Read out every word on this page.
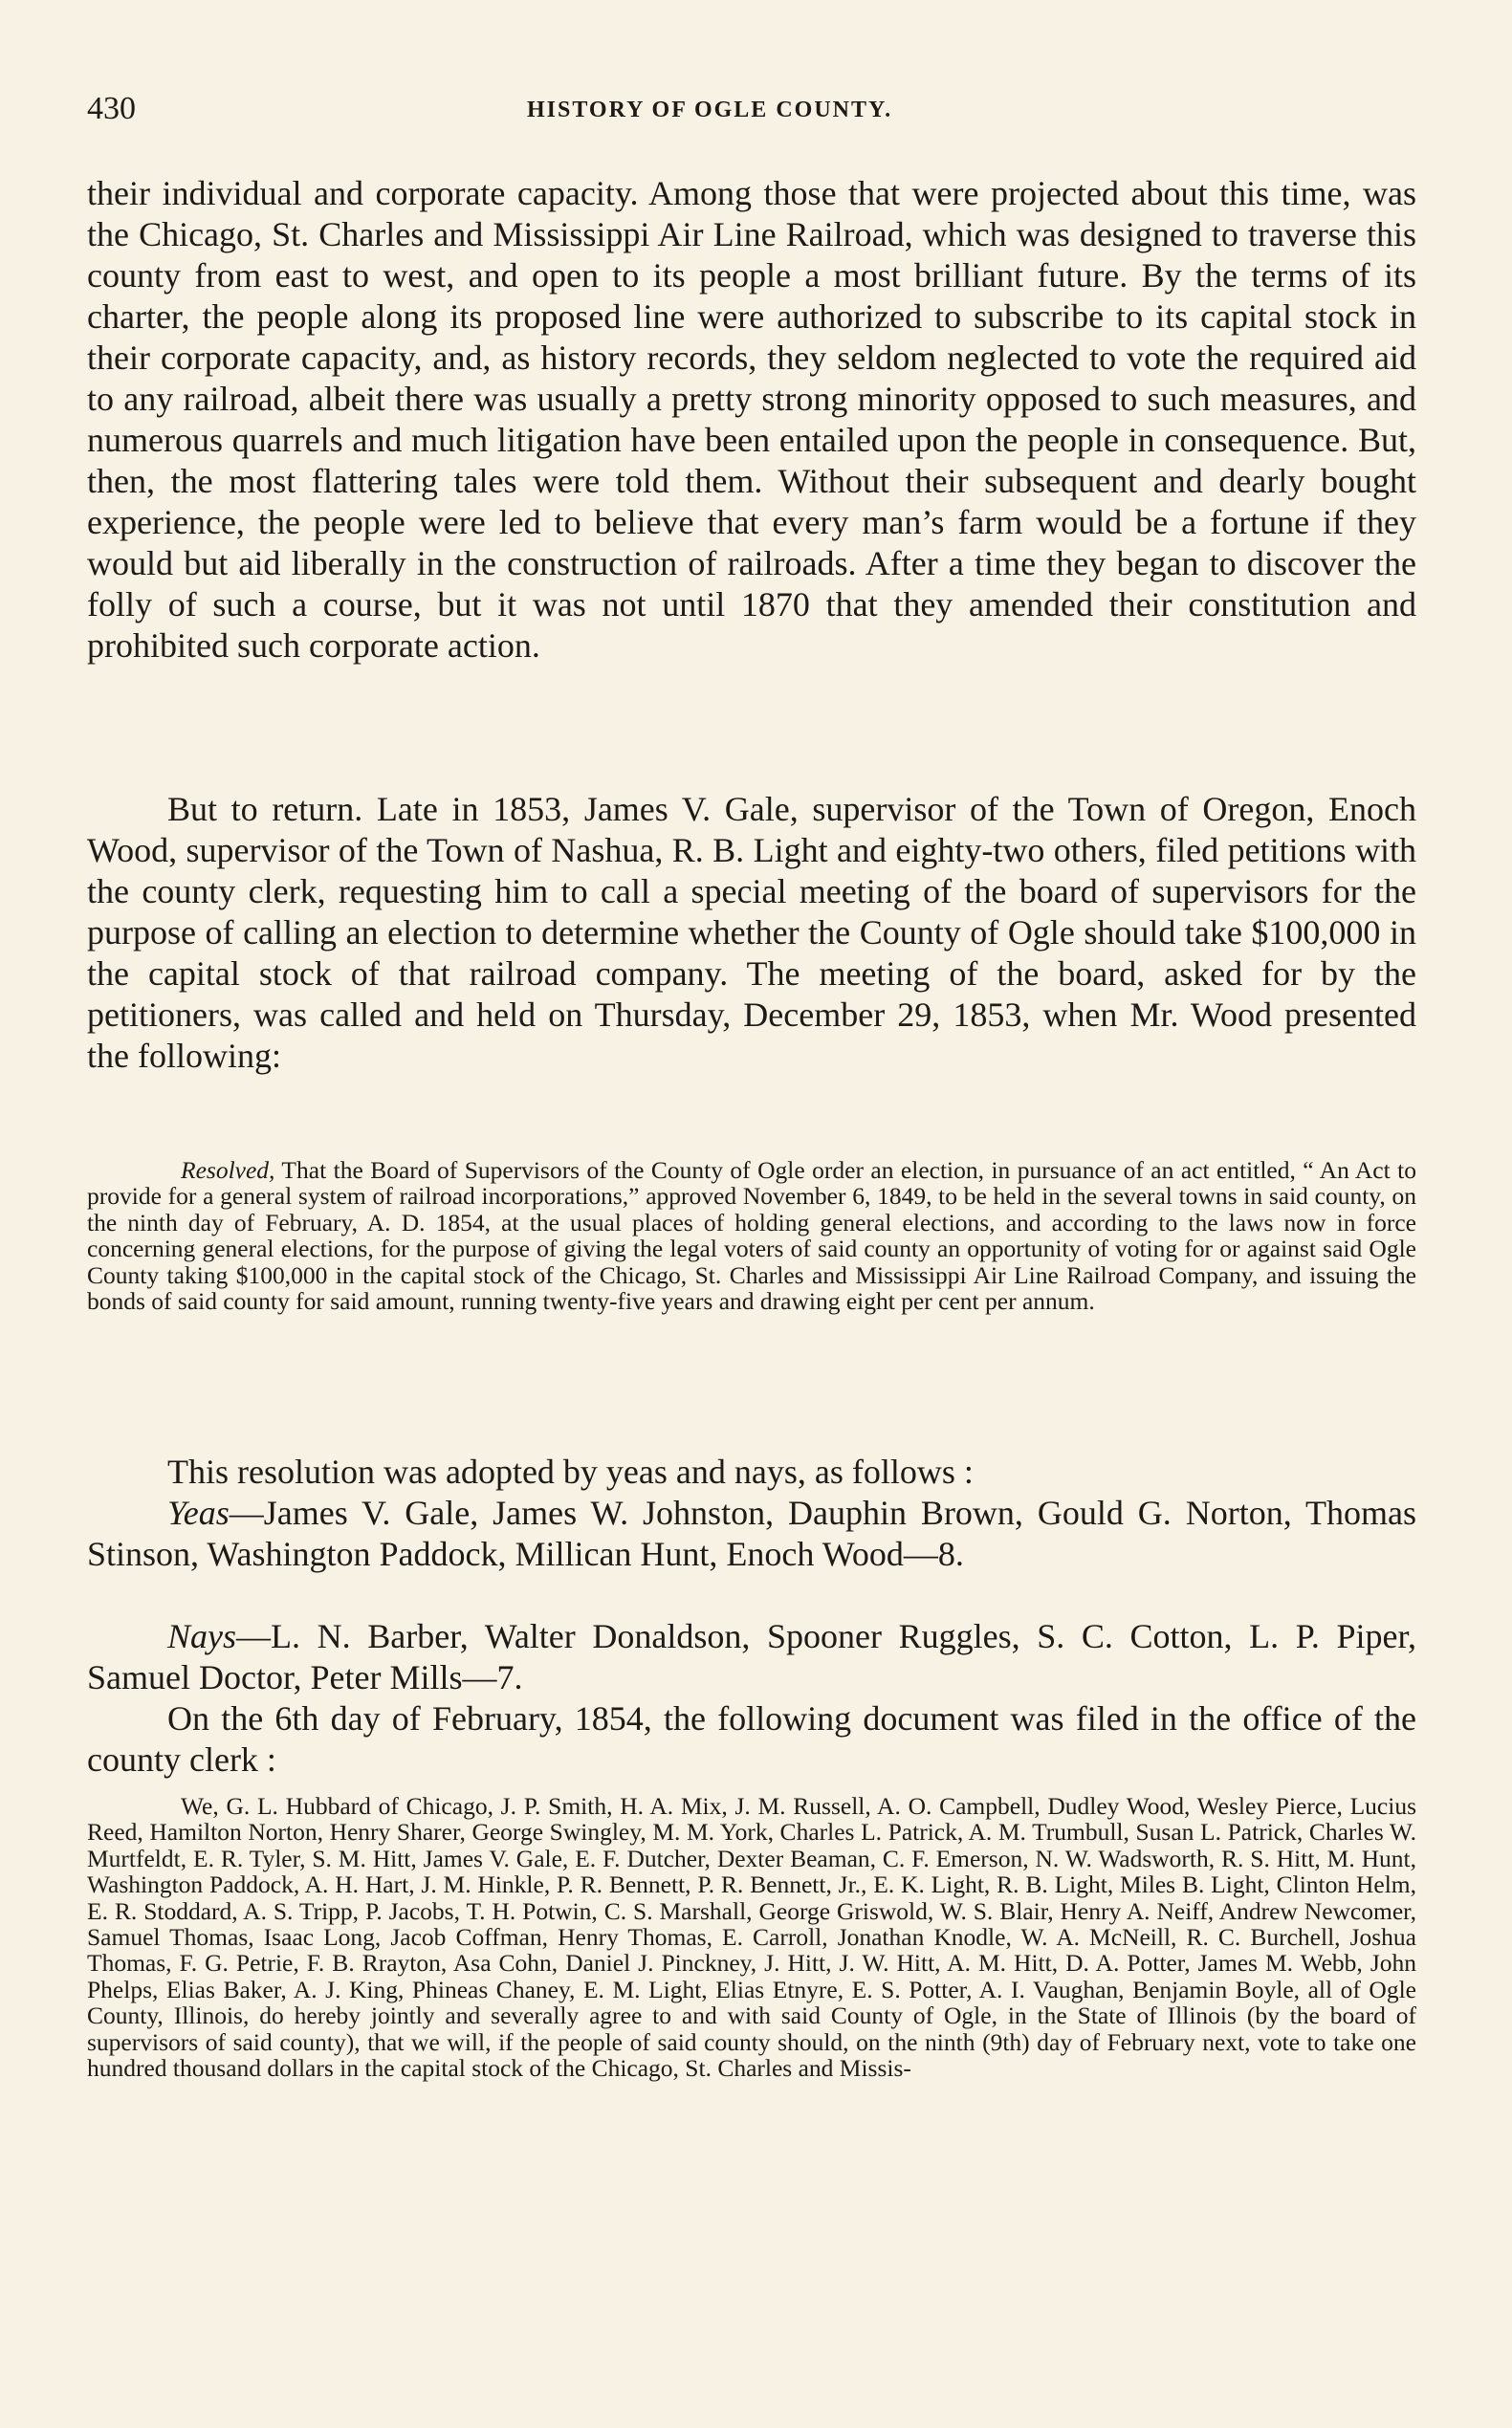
430	HISTORY OF OGLE COUNTY.

their individual and corporate capacity. Among those that were projected about this time, was the Chicago, St. Charles and Mississippi Air Line Railroad, which was designed to traverse this county from east to west, and open to its people a most brilliant future. By the terms of its charter, the people along its proposed line were authorized to subscribe to its capital stock in their corporate capacity, and, as history records, they seldom neglected to vote the required aid to any railroad, albeit there was usually a pretty strong minority opposed to such measures, and numerous quarrels and much litigation have been entailed upon the people in consequence. But, then, the most flattering tales were told them. Without their subsequent and dearly bought experience, the people were led to believe that every man’s farm would be a fortune if they would but aid liberally in the construction of railroads. After a time they began to discover the folly of such a course, but it was not until 1870 that they amended their constitution and prohibited such corporate action.

But to return. Late in 1853, James V. Gale, supervisor of the Town of Oregon, Enoch Wood, supervisor of the Town of Nashua, R. B. Light and eighty-two others, filed petitions with the county clerk, requesting him to call a special meeting of the board of supervisors for the purpose of calling an election to determine whether the County of Ogle should take $100,000 in the capital stock of that railroad company. The meeting of the board, asked for by the petitioners, was called and held on Thursday, December 29, 1853, when Mr. Wood presented the following:

Resolved, That the Board of Supervisors of the County of Ogle order an election, in pursuance of an act entitled, “ An Act to provide for a general system of railroad incorporations,” approved November 6, 1849, to be held in the several towns in said county, on the ninth day of February, A. D. 1854, at the usual places of holding general elections, and according to the laws now in force concerning general elections, for the purpose of giving the legal voters of said county an opportunity of voting for or against said Ogle County taking $100,000 in the capital stock of the Chicago, St. Charles and Mississippi Air Line Railroad Company, and issuing the bonds of said county for said amount, running twenty-five years and drawing eight per cent per annum.

This resolution was adopted by yeas and nays, as follows :

Yeas—James V. Gale, James W. Johnston, Dauphin Brown, Gould G. Norton, Thomas Stinson, Washington Paddock, Millican Hunt, Enoch Wood—8.

Nays—L. N. Barber, Walter Donaldson, Spooner Ruggles, S. C. Cotton, L. P. Piper, Samuel Doctor, Peter Mills—7.

On the 6th day of February, 1854, the following document was filed in the office of the county clerk :

We, G. L. Hubbard of Chicago, J. P. Smith, H. A. Mix, J. M. Russell, A. O. Campbell, Dudley Wood, Wesley Pierce, Lucius Reed, Hamilton Norton, Henry Sharer, George Swingley, M. M. York, Charles L. Patrick, A. M. Trumbull, Susan L. Patrick, Charles W. Murtfeldt, E. R. Tyler, S. M. Hitt, James V. Gale, E. F. Dutcher, Dexter Beaman, C. F. Emerson, N. W. Wadsworth, R. S. Hitt, M. Hunt, Washington Paddock, A. H. Hart, J. M. Hinkle, P. R. Bennett, P. R. Bennett, Jr., E. K. Light, R. B. Light, Miles B. Light, Clinton Helm, E. R. Stoddard, A. S. Tripp, P. Jacobs, T. H. Potwin, C. S. Marshall, George Griswold, W. S. Blair, Henry A. Neiff, Andrew Newcomer, Samuel Thomas, Isaac Long, Jacob Coffman, Henry Thomas, E. Carroll, Jonathan Knodle, W. A. McNeill, R. C. Burchell, Joshua Thomas, F. G. Petrie, F. B. Rrayton, Asa Cohn, Daniel J. Pinckney, J. Hitt, J. W. Hitt, A. M. Hitt, D. A. Potter, James M. Webb, John Phelps, Elias Baker, A. J. King, Phineas Chaney, E. M. Light, Elias Etnyre, E. S. Potter, A. I. Vaughan, Benjamin Boyle, all of Ogle County, Illinois, do hereby jointly and severally agree to and with said County of Ogle, in the State of Illinois (by the board of supervisors of said county), that we will, if the people of said county should, on the ninth (9th) day of February next, vote to take one hundred thousand dollars in the capital stock of the Chicago, St. Charles and Missis-
